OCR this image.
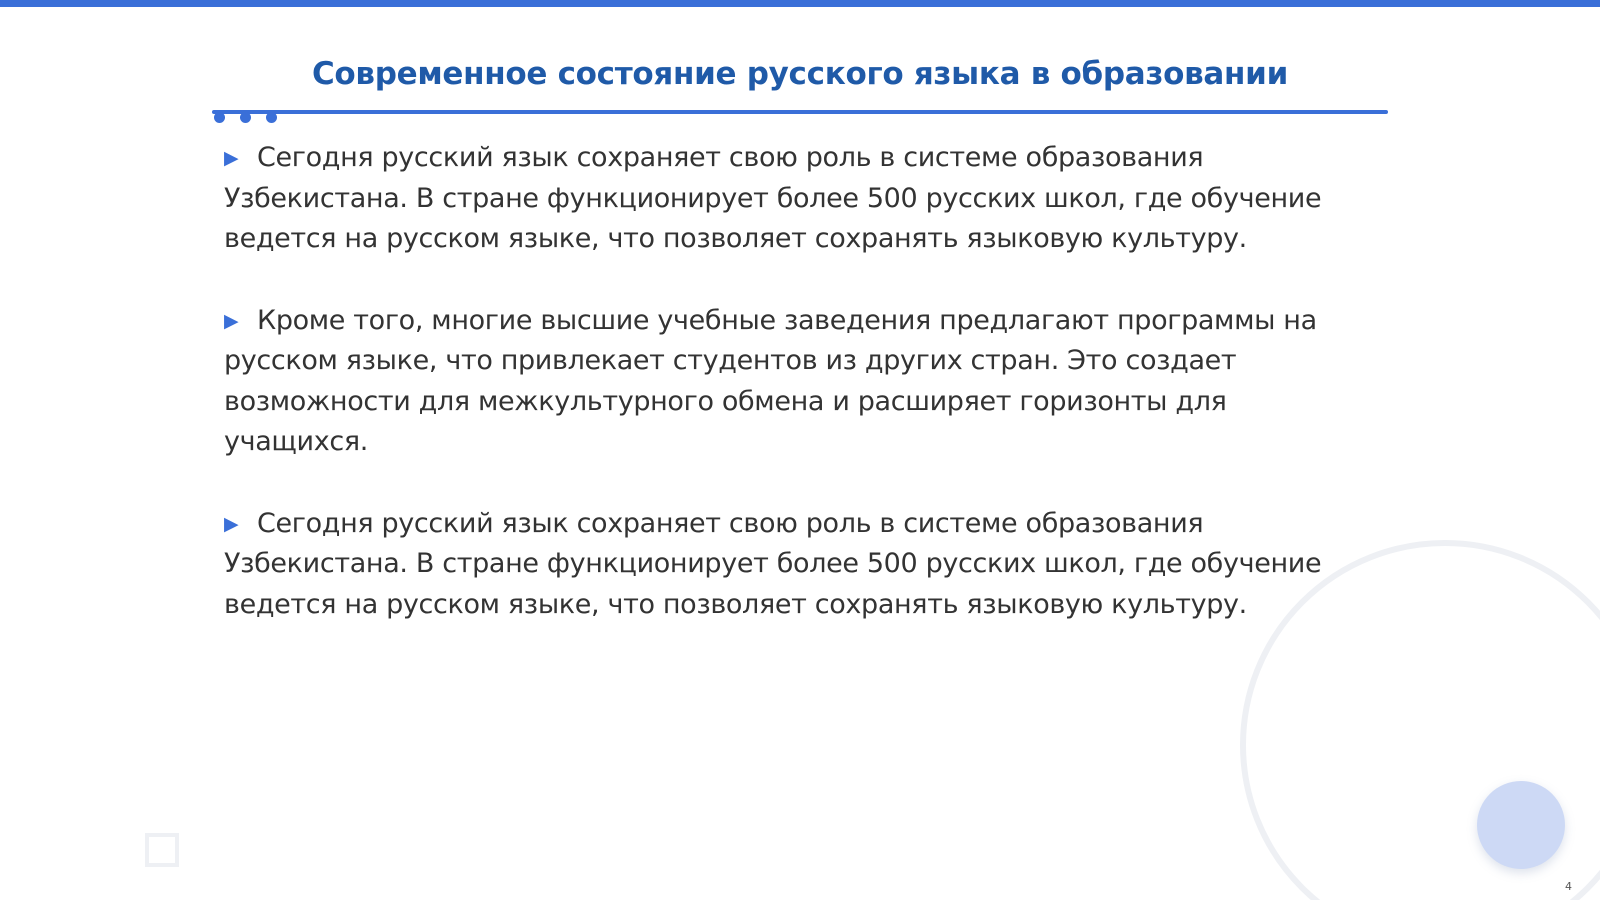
Современное состояние русского языка в образовании

▶ Сегодня русский язык сохраняет свою роль в системе образования Узбекистана. В стране функционирует более 500 русских школ, где обучение ведется на русском языке, что позволяет сохранять языковую культуру.

▶ Кроме того, многие высшие учебные заведения предлагают программы на русском языке, что привлекает студентов из других стран. Это создает возможности для межкультурного обмена и расширяет горизонты для учащихся.

▶ Сегодня русский язык сохраняет свою роль в системе образования Узбекистана. В стране функционирует более 500 русских школ, где обучение ведется на русском языке, что позволяет сохранять языковую культуру.

4
